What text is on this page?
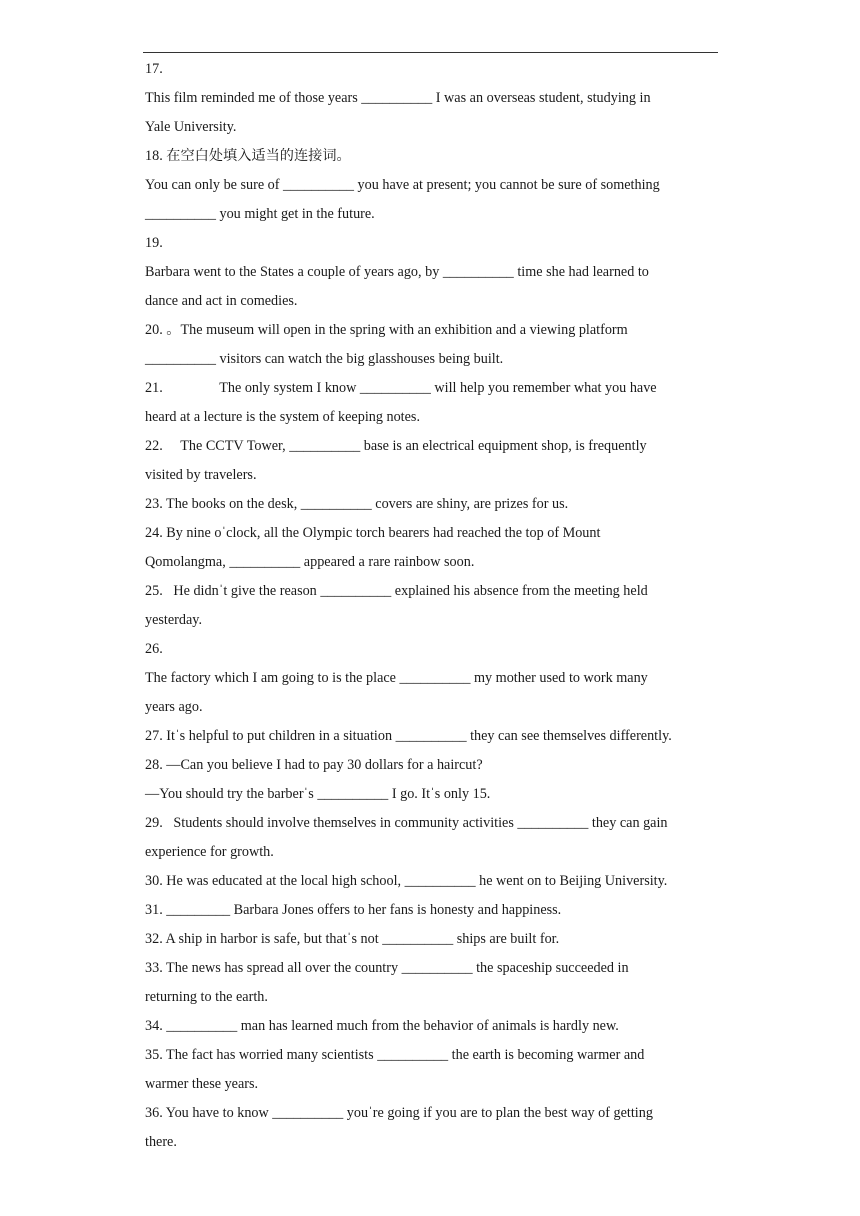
17.
This film reminded me of those years __________ I was an overseas student, studying in
Yale University.
18. 在空白处填入适当的连接词。
You can only be sure of __________ you have at present; you cannot be sure of something
__________ you might get in the future.
19.
Barbara went to the States a couple of years ago, by __________ time she had learned to
dance and act in comedies.
20. 。The museum will open in the spring with an exhibition and a viewing platform
__________ visitors can watch the big glasshouses being built.
21.                The only system I know __________ will help you remember what you have
heard at a lecture is the system of keeping notes.
22.     The CCTV Tower, __________ base is an electrical equipment shop, is frequently
visited by travelers.
23. The books on the desk, __________ covers are shiny, are prizes for us.
24. By nine oˈclock, all the Olympic torch bearers had reached the top of Mount
Qomolangma, __________ appeared a rare rainbow soon.
25.   He didnˈt give the reason __________ explained his absence from the meeting held
yesterday.
26.
The factory which I am going to is the place __________ my mother used to work many
years ago.
27. Itˈs helpful to put children in a situation __________ they can see themselves differently.
28. —Can you believe I had to pay 30 dollars for a haircut?
—You should try the barberˈs __________ I go. Itˈs only 15.
29.   Students should involve themselves in community activities __________ they can gain
experience for growth.
30. He was educated at the local high school, __________ he went on to Beijing University.
31. _________ Barbara Jones offers to her fans is honesty and happiness.
32. A ship in harbor is safe, but thatˈs not __________ ships are built for.
33. The news has spread all over the country __________ the spaceship succeeded in
returning to the earth.
34. __________ man has learned much from the behavior of animals is hardly new.
35. The fact has worried many scientists __________ the earth is becoming warmer and
warmer these years.
36. You have to know __________ youˈre going if you are to plan the best way of getting
there.
